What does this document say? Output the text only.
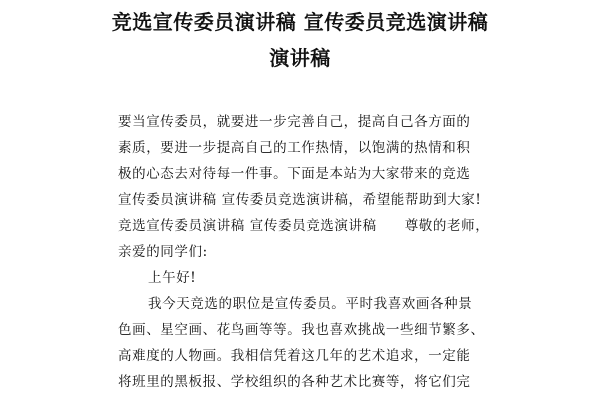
竞选宣传委员演讲稿 宣传委员竞选演讲稿
演讲稿
要当宣传委员，就要进一步完善自己，提高自己各方面的
素质，要进一步提高自己的工作热情，以饱满的热情和积
极的心态去对待每一件事。下面是本站为大家带来的竞选
宣传委员演讲稿 宣传委员竞选演讲稿，希望能帮助到大家!
竞选宣传委员演讲稿 宣传委员竞选演讲稿 尊敬的老师，
亲爱的同学们:
上午好!
我今天竞选的职位是宣传委员。平时我喜欢画各种景
色画、星空画、花鸟画等等。我也喜欢挑战一些细节繁多、
高难度的人物画。我相信凭着这几年的艺术追求，一定能
将班里的黑板报、学校组织的各种艺术比赛等，将它们完
